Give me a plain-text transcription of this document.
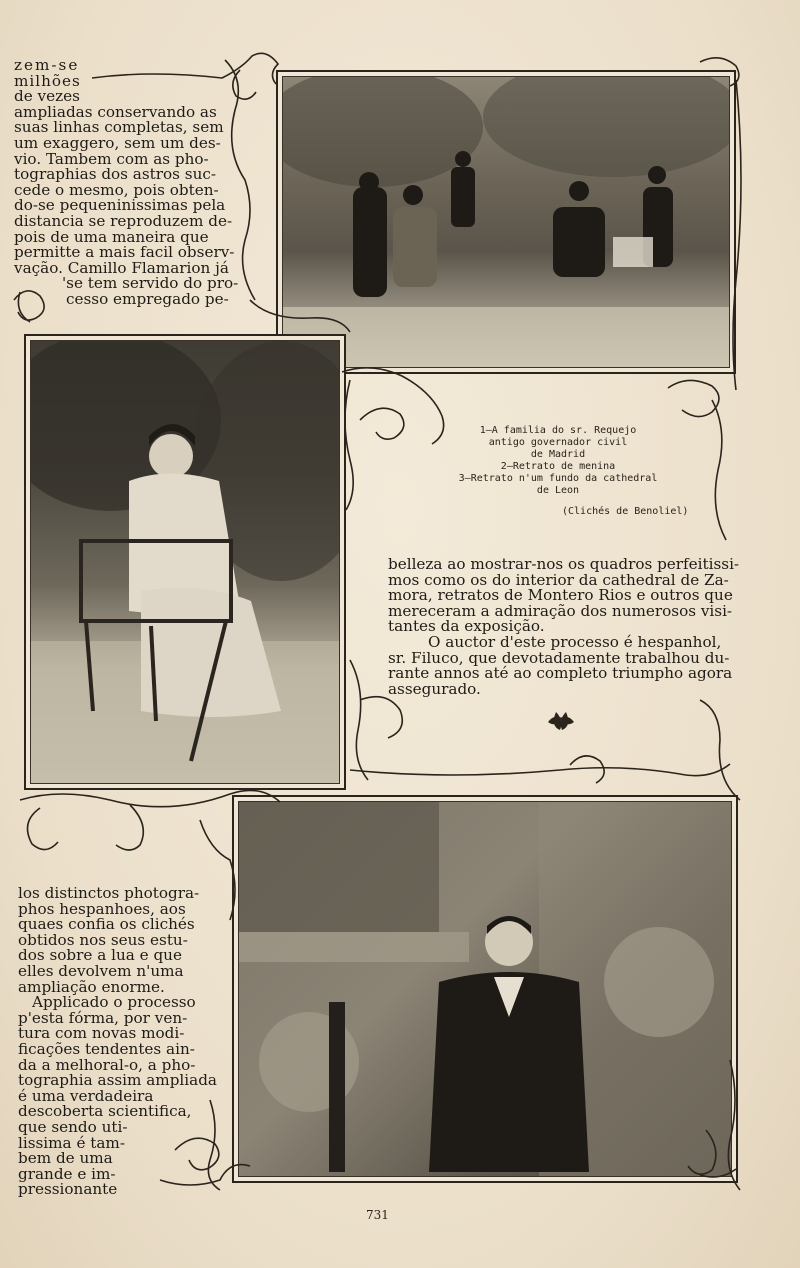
zem-se
milhões
de vezes
ampliadas conservando as
suas linhas completas, sem
um exaggero, sem um des-
vio. Tambem com as pho-
tographias dos astros suc-
cede o mesmo, pois obten-
do-se pequeninissimas pela
distancia se reproduzem de-
pois de uma maneira que
permitte a mais facil observ-
vação. Camillo Flamarion já
'se tem servido do pro-
cesso empregado pe-
1—A familia do sr. Requejo
antigo governador civil
de Madrid
2—Retrato de menina
3—Retrato n'um fundo da cathedral
de Leon
(Clichés de Benoliel)
belleza ao mostrar-nos os quadros perfeitissi-
mos como os do interior da cathedral de Za-
mora, retratos de Montero Rios e outros que
mereceram a admiração dos numerosos visi-
tantes da exposição.
O auctor d'este processo é hespanhol,
sr. Filuco, que devotadamente trabalhou du-
rante annos até ao completo triumpho agora
assegurado.
los distinctos photogra-
phos hespanhoes, aos
quaes confia os clichés
obtidos nos seus estu-
dos sobre a lua e que
elles devolvem n'uma
ampliação enorme.
Applicado o processo
p'esta fórma, por ven-
tura com novas modi-
ficações tendentes ain-
da a melhoral-o, a pho-
tographia assim ampliada
é uma verdadeira
descoberta scientifica,
que sendo uti-
lissima é tam-
bem de uma
grande e im-
pressionante
731
